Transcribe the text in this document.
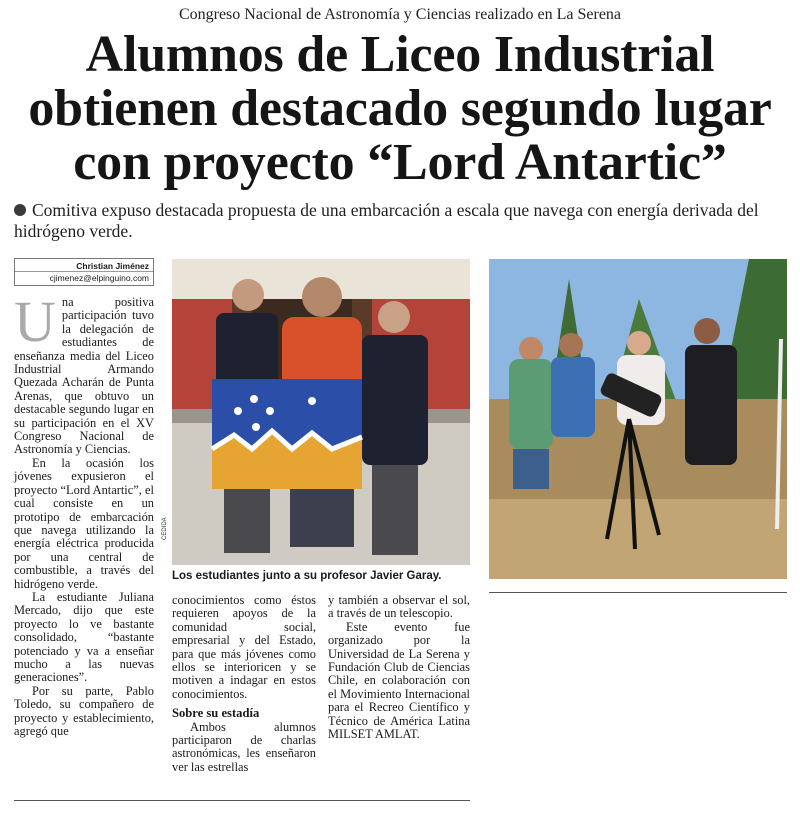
Congreso Nacional de Astronomía y Ciencias realizado en La Serena
Alumnos de Liceo Industrial
obtienen destacado segundo lugar
con proyecto “Lord Antartic”
Comitiva expuso destacada propuesta de una embarcación a escala que navega con energía derivada del hidrógeno verde.
Christian Jiménez
cjimenez@elpinguino.com
U na positiva participación tuvo la delegación de estudiantes de enseñanza media del Liceo Industrial Armando Quezada Acharán de Punta Arenas, que obtuvo un destacable segundo lugar en su participación en el XV Congreso Nacional de Astronomía y Ciencias.

En la ocasión los jóvenes expusieron el proyecto “Lord Antartic”, el cual consiste en un prototipo de embarcación que navega utilizando la energía eléctrica producida por una central de combustible, a través del hidrógeno verde.

La estudiante Juliana Mercado, dijo que este proyecto lo ve bastante consolidado, “bastante potenciado y va a enseñar mucho a las nuevas generaciones”.

Por su parte, Pablo Toledo, su compañero de proyecto y establecimiento, agregó que

CEDIDA
Los estudiantes junto a su profesor Javier Garay.

conocimientos como éstos requieren apoyos de la comunidad social, empresarial y del Estado, para que más jóvenes como ellos se interioricen y se motiven a indagar en estos conocimientos.

Sobre su estadía

Ambos alumnos participaron de charlas astronómicas, les enseñaron ver las estrellas

y también a observar el sol, a través de un telescopio.

Este evento fue organizado por la Universidad de La Serena y Fundación Club de Ciencias Chile, en colaboración con el Movimiento Internacional para el Recreo Científico y Técnico de América Latina MILSET AMLAT.
